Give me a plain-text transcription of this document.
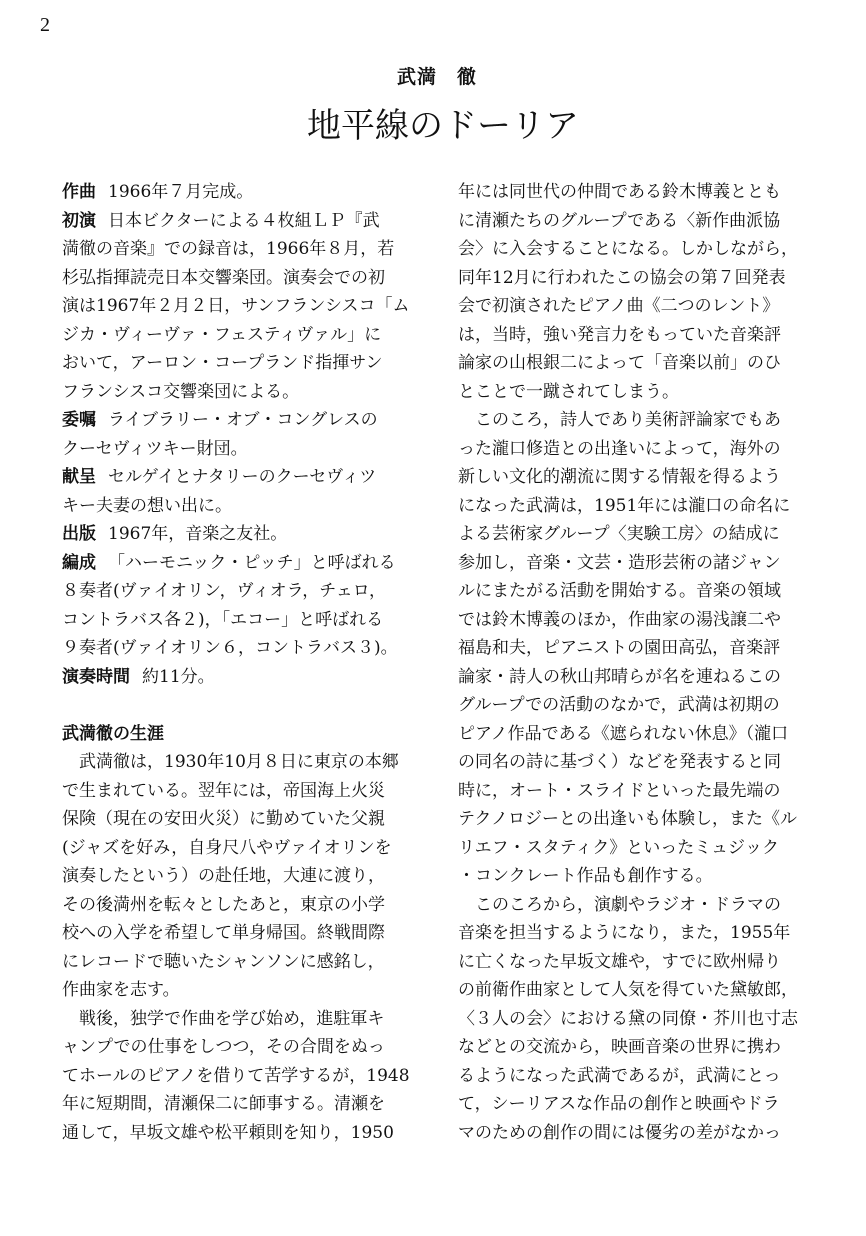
2
武満　徹
地平線のドーリア
作曲 1966年７月完成。
初演 日本ビクターによる４枚組ＬＰ『武
満徹の音楽』での録音は，1966年８月，若
杉弘指揮読売日本交響楽団。演奏会での初
演は1967年２月２日，サンフランシスコ「ム
ジカ・ヴィーヴァ・フェスティヴァル」に
おいて，アーロン・コープランド指揮サン
フランシスコ交響楽団による。
委嘱 ライブラリー・オブ・コングレスの
クーセヴィツキー財団。
献呈 セルゲイとナタリーのクーセヴィツ
キー夫妻の想い出に。
出版 1967年，音楽之友社。
編成 「ハーモニック・ピッチ」と呼ばれる
８奏者(ヴァイオリン，ヴィオラ，チェロ，
コントラバス各２)，「エコー」と呼ばれる
９奏者(ヴァイオリン６，コントラバス３)。
演奏時間 約11分。
武満徹の生涯
　武満徹は，1930年10月８日に東京の本郷
で生まれている。翌年には，帝国海上火災
保険（現在の安田火災）に勤めていた父親
(ジャズを好み，自身尺八やヴァイオリンを
演奏したという）の赴任地，大連に渡り，
その後満州を転々としたあと，東京の小学
校への入学を希望して単身帰国。終戦間際
にレコードで聴いたシャンソンに感銘し，
作曲家を志す。
　戦後，独学で作曲を学び始め，進駐軍キ
ャンプでの仕事をしつつ，その合間をぬっ
てホールのピアノを借りて苦学するが，1948
年に短期間，清瀬保二に師事する。清瀬を
通して，早坂文雄や松平頼則を知り，1950
年には同世代の仲間である鈴木博義ととも
に清瀬たちのグループである〈新作曲派協
会〉に入会することになる。しかしながら，
同年12月に行われたこの協会の第７回発表
会で初演されたピアノ曲《二つのレント》
は，当時，強い発言力をもっていた音楽評
論家の山根銀二によって「音楽以前」のひ
とことで一蹴されてしまう。
　このころ，詩人であり美術評論家でもあ
った瀧口修造との出逢いによって，海外の
新しい文化的潮流に関する情報を得るよう
になった武満は，1951年には瀧口の命名に
よる芸術家グループ〈実験工房〉の結成に
参加し，音楽・文芸・造形芸術の諸ジャン
ルにまたがる活動を開始する。音楽の領域
では鈴木博義のほか，作曲家の湯浅譲二や
福島和夫，ピアニストの園田高弘，音楽評
論家・詩人の秋山邦晴らが名を連ねるこの
グループでの活動のなかで，武満は初期の
ピアノ作品である《遮られない休息》（瀧口
の同名の詩に基づく）などを発表すると同
時に，オート・スライドといった最先端の
テクノロジーとの出逢いも体験し，また《ル
リエフ・スタティク》といったミュジック
・コンクレート作品も創作する。
　このころから，演劇やラジオ・ドラマの
音楽を担当するようになり，また，1955年
に亡くなった早坂文雄や，すでに欧州帰り
の前衛作曲家として人気を得ていた黛敏郎，
〈３人の会〉における黛の同僚・芥川也寸志
などとの交流から，映画音楽の世界に携わ
るようになった武満であるが，武満にとっ
て，シーリアスな作品の創作と映画やドラ
マのための創作の間には優劣の差がなかっ
